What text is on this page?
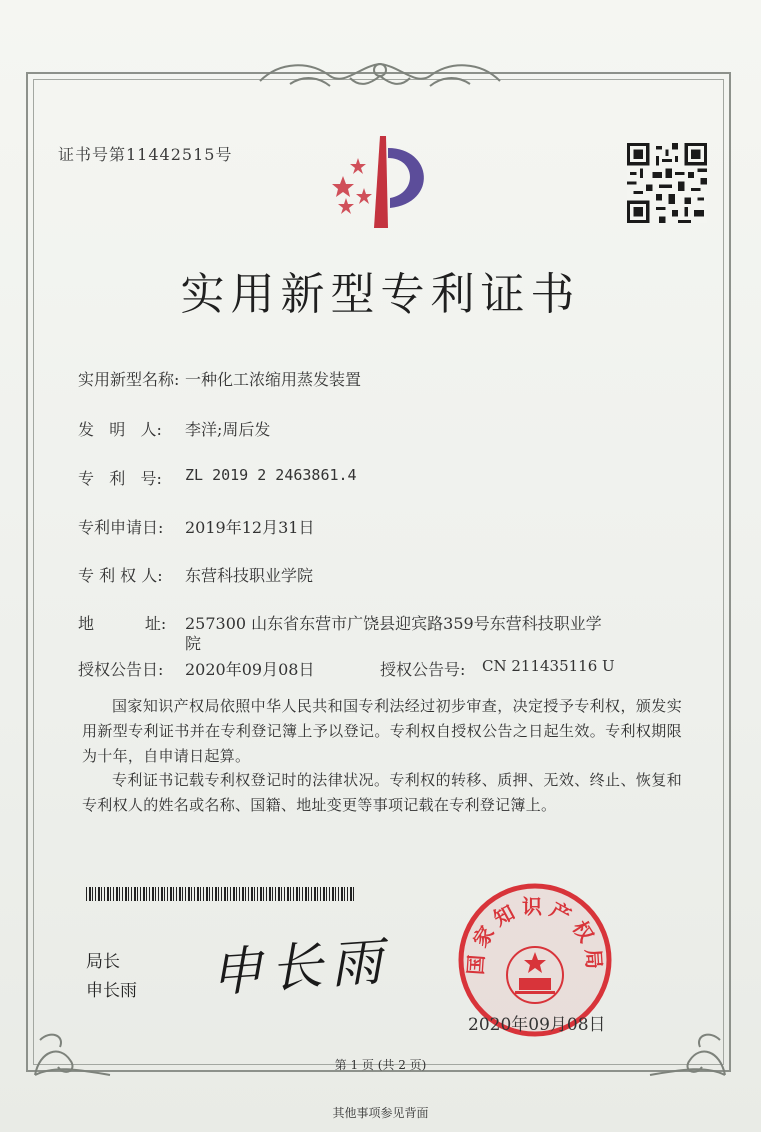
证书号第11442515号
实用新型专利证书
实用新型名称: 一种化工浓缩用蒸发装置
发   明   人: 李洋;周后发
专   利   号: ZL 2019 2 2463861.4
专利申请日: 2019年12月31日
专 利 权 人: 东营科技职业学院
地          址: 257300 山东省东营市广饶县迎宾路359号东营科技职业学
院
授权公告日: 2020年09月08日	授权公告号: CN 211435116 U
国家知识产权局依照中华人民共和国专利法经过初步审查，决定授予专利权，颁发实用新型专利证书并在专利登记簿上予以登记。专利权自授权公告之日起生效。专利权期限为十年，自申请日起算。
专利证书记载专利权登记时的法律状况。专利权的转移、质押、无效、终止、恢复和专利权人的姓名或名称、国籍、地址变更等事项记载在专利登记簿上。
局长
申长雨 申长雨	国家知识产权局
2020年09月08日
第 1 页 (共 2 页)
其他事项参见背面
